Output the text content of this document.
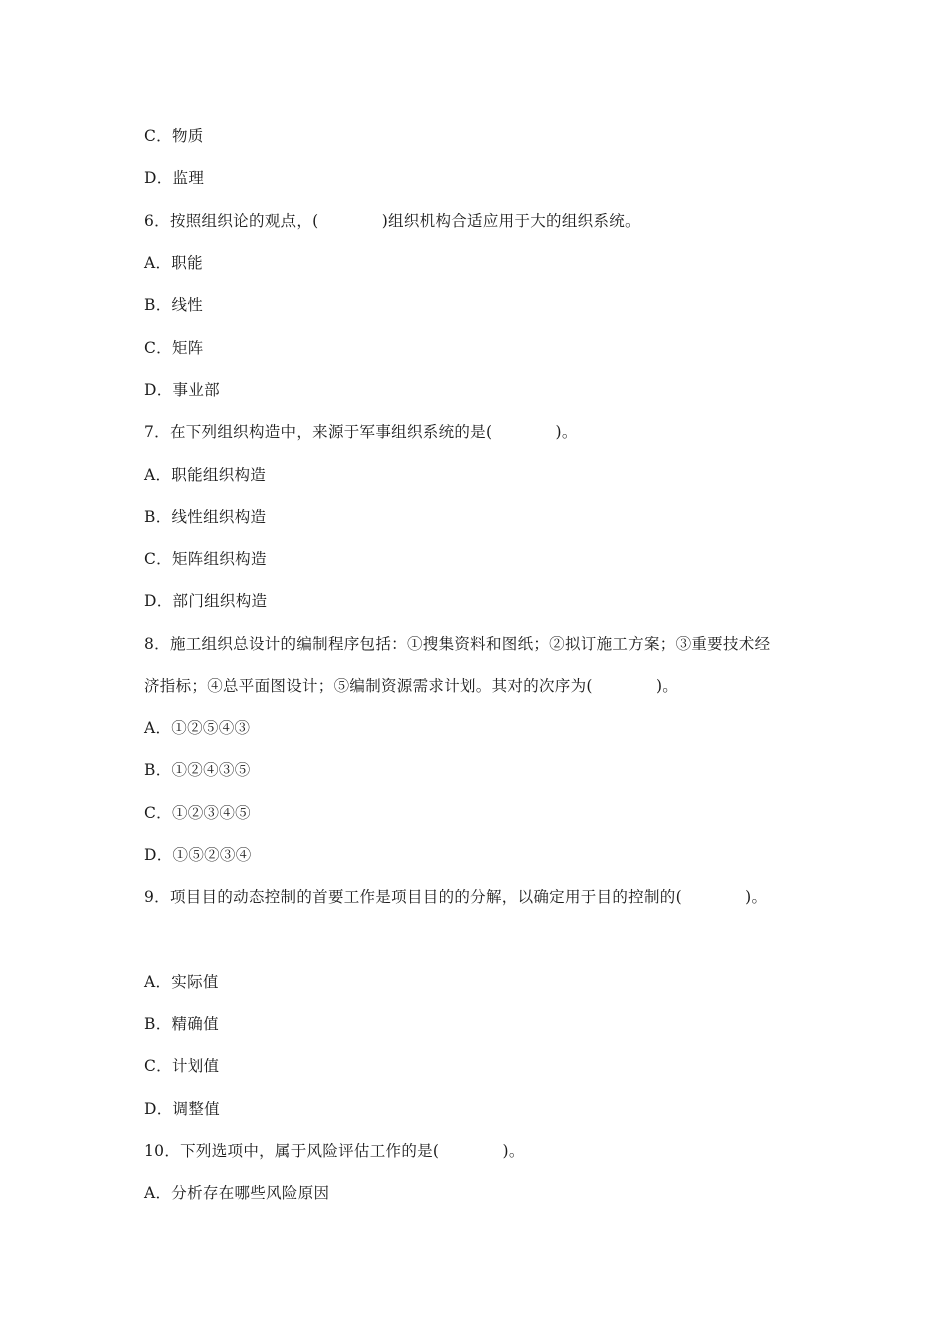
C．物质
D．监理
6．按照组织论的观点，(　　　　)组织机构合适应用于大的组织系统。
A．职能
B．线性
C．矩阵
D．事业部
7．在下列组织构造中，来源于军事组织系统的是(　　　　)。
A．职能组织构造
B．线性组织构造
C．矩阵组织构造
D．部门组织构造
8．施工组织总设计的编制程序包括：①搜集资料和图纸；②拟订施工方案；③重要技术经
济指标；④总平面图设计；⑤编制资源需求计划。其对的次序为(　　　　)。
A．①②⑤④③
B．①②④③⑤
C．①②③④⑤
D．①⑤②③④
9．项目目的动态控制的首要工作是项目目的的分解，以确定用于目的控制的(　　　　)。
A．实际值
B．精确值
C．计划值
D．调整值
10．下列选项中，属于风险评估工作的是(　　　　)。
A．分析存在哪些风险原因
